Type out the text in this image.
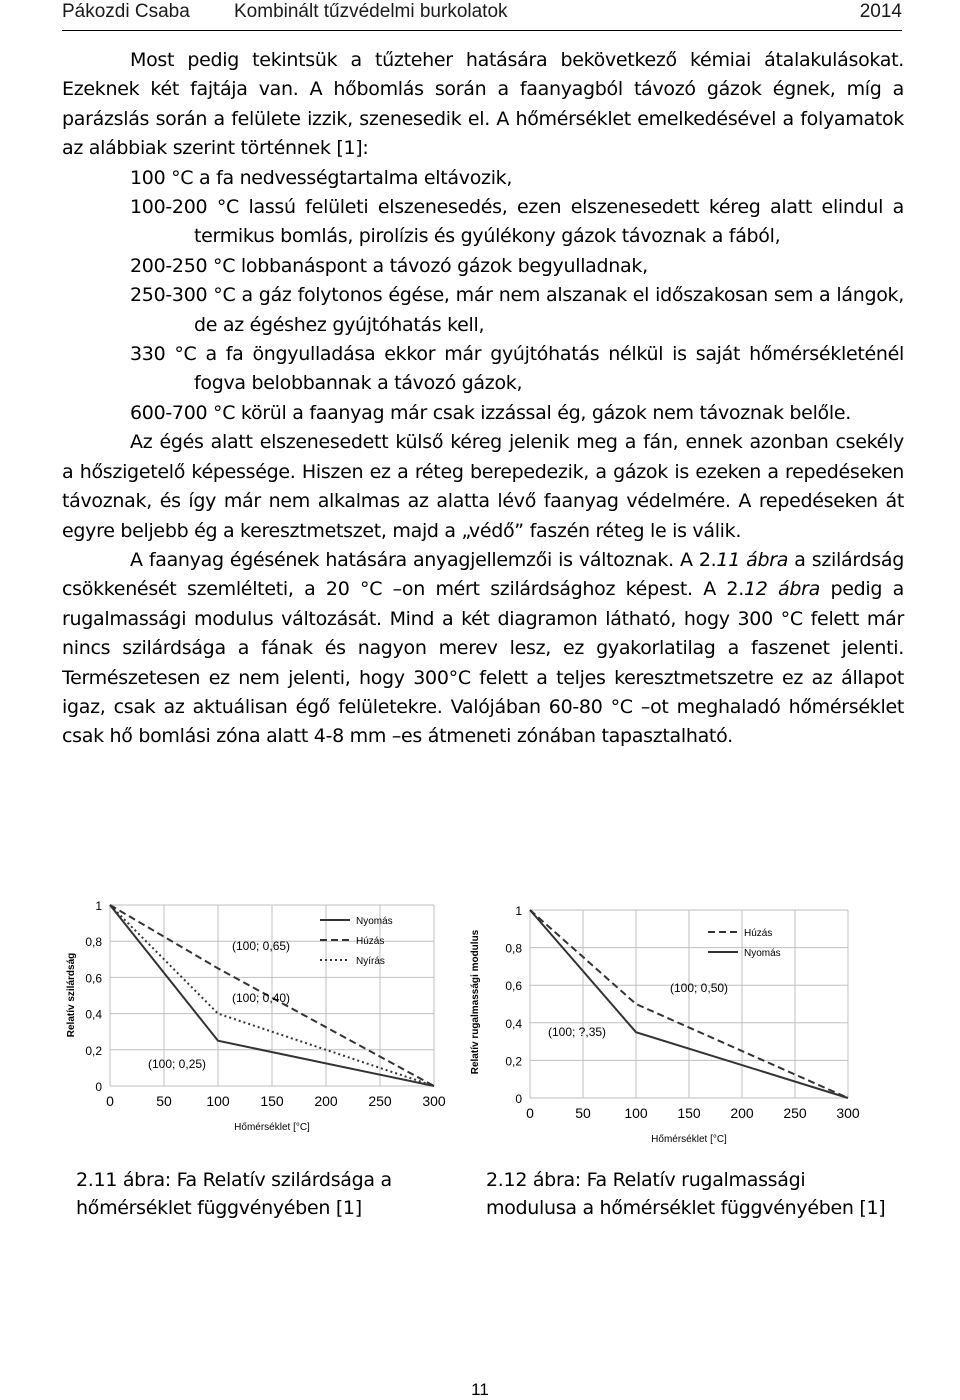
Pákozdi Csaba Kombinált tűzvédelmi burkolatok	2014

Most pedig tekintsük a tűzteher hatására bekövetkező kémiai átalakulásokat. Ezeknek két fajtája van. A hőbomlás során a faanyagból távozó gázok égnek, míg a parázslás során a felülete izzik, szenesedik el. A hőmérséklet emelkedésével a folyamatok az alábbiak szerint történnek [1]:

100 °C a fa nedvességtartalma eltávozik,
100-200 °C lassú felületi elszenesedés, ezen elszenesedett kéreg alatt elindul a termikus bomlás, pirolízis és gyúlékony gázok távoznak a fából,
200-250 °C lobbanáspont a távozó gázok begyulladnak,
250-300 °C a gáz folytonos égése, már nem alszanak el időszakosan sem a lángok, de az égéshez gyújtóhatás kell,
330 °C a fa öngyulladása ekkor már gyújtóhatás nélkül is saját hőmérsékleténél fogva belobbannak a távozó gázok,
600-700 °C körül a faanyag már csak izzással ég, gázok nem távoznak belőle.

Az égés alatt elszenesedett külső kéreg jelenik meg a fán, ennek azonban csekély a hőszigetelő képessége. Hiszen ez a réteg berepedezik, a gázok is ezeken a repedéseken távoznak, és így már nem alkalmas az alatta lévő faanyag védelmére. A repedéseken át egyre beljebb ég a keresztmetszet, majd a „védő” faszén réteg le is válik.

A faanyag égésének hatására anyagjellemzői is változnak. A 2.11 ábra a szilárdság csökkenését szemlélteti, a 20 °C –on mért szilárdsághoz képest. A 2.12 ábra pedig a rugalmassági modulus változását. Mind a két diagramon látható, hogy 300 °C felett már nincs szilárdsága a fának és nagyon merev lesz, ez gyakorlatilag a faszenet jelenti. Természetesen ez nem jelenti, hogy 300°C felett a teljes keresztmetszetre ez az állapot igaz, csak az aktuálisan égő felületekre. Valójában 60-80 °C –ot meghaladó hőmérséklet csak hő bomlási zóna alatt 4-8 mm –es átmeneti zónában tapasztalható.

0
0,2
0,4
0,6
0,8
1
0	50 100 150 200 250 300
Nyomás
Húzás
Nyírás
(100; 0,65)
(100; 0,40)
(100; 0,25)
Hőmérséklet [°C]
Relatív szilárdság
0
0,2
0,4
0,6
0,8
1
0	50 100 150 200 250 300
Húzás
Nyomás
(100; 0,50)
(100; ?,35)
Hőmérséklet [°C]
Relatív rugalmassági modulus
2.11 ábra: Fa Relatív szilárdsága a hőmérséklet függvényében [1]
2.12 ábra: Fa Relatív rugalmassági modulusa a hőmérséklet függvényében [1]
11
